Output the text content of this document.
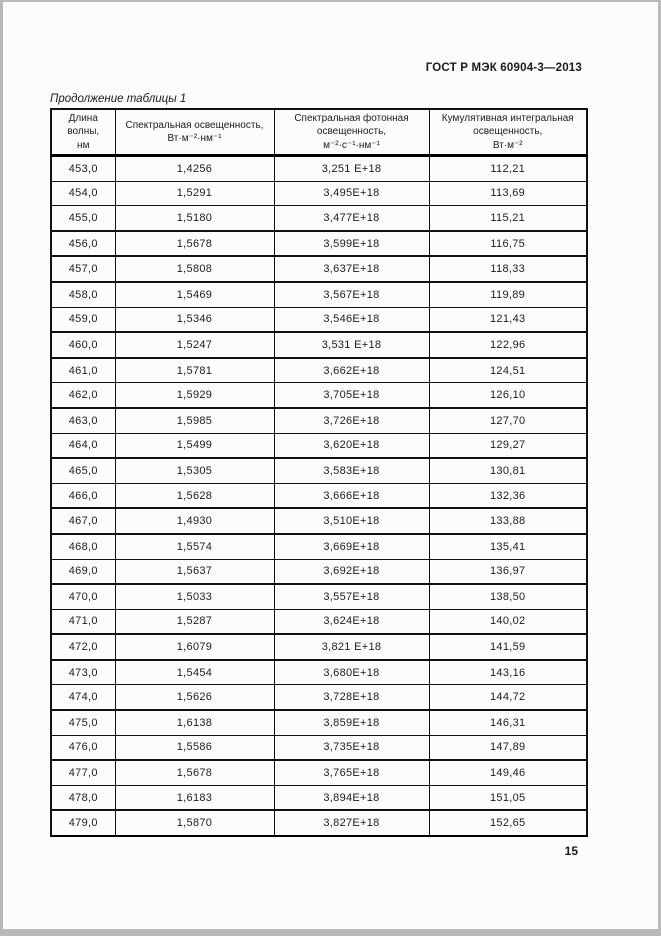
ГОСТ Р МЭК 60904-3—2013
Продолжение таблицы 1
Длина
волны,
нм

Спектральная освещенность,
Вт·м⁻²·нм⁻¹

Спектральная фотонная
освещенность,
м⁻²·с⁻¹·нм⁻¹

Кумулятивная интегральная
освещенность,
Вт·м⁻²

453,0	1,4256	3,251 E+18	112,21
454,0	1,5291	3,495E+18	113,69
455,0	1,5180	3,477E+18	115,21
456,0	1,5678	3,599E+18	116,75
457,0	1,5808	3,637E+18	118,33
458,0	1,5469	3,567E+18	119,89
459,0	1,5346	3,546E+18	121,43
460,0	1,5247	3,531 E+18	122,96
461,0	1,5781	3,662E+18	124,51
462,0	1,5929	3,705E+18	126,10
463,0	1,5985	3,726E+18	127,70
464,0	1,5499	3,620E+18	129,27
465,0	1,5305	3,583E+18	130,81
466,0	1,5628	3,666E+18	132,36
467,0	1,4930	3,510E+18	133,88
468,0	1,5574	3,669E+18	135,41
469,0	1,5637	3,692E+18	136,97
470,0	1,5033	3,557E+18	138,50
471,0	1,5287	3,624E+18	140,02
472,0	1,6079	3,821 E+18	141,59
473,0	1,5454	3,680E+18	143,16
474,0	1,5626	3,728E+18	144,72
475,0	1,6138	3,859E+18	146,31
476,0	1,5586	3,735E+18	147,89
477,0	1,5678	3,765E+18	149,46
478,0	1,6183	3,894E+18	151,05
479,0	1,5870	3,827E+18	152,65
15
